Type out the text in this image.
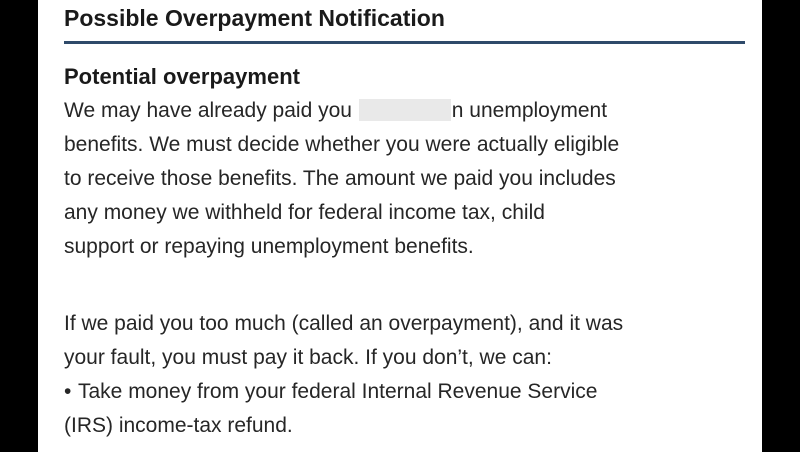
Possible Overpayment Notification
Potential overpayment
We may have already paid you	n unemployment
benefits. We must decide whether you were actually eligible
to receive those benefits. The amount we paid you includes
any money we withheld for federal income tax, child
support or repaying unemployment benefits.
If we paid you too much (called an overpayment), and it was
your fault, you must pay it back. If you don’t, we can:
• Take money from your federal Internal Revenue Service
(IRS) income-tax refund.
